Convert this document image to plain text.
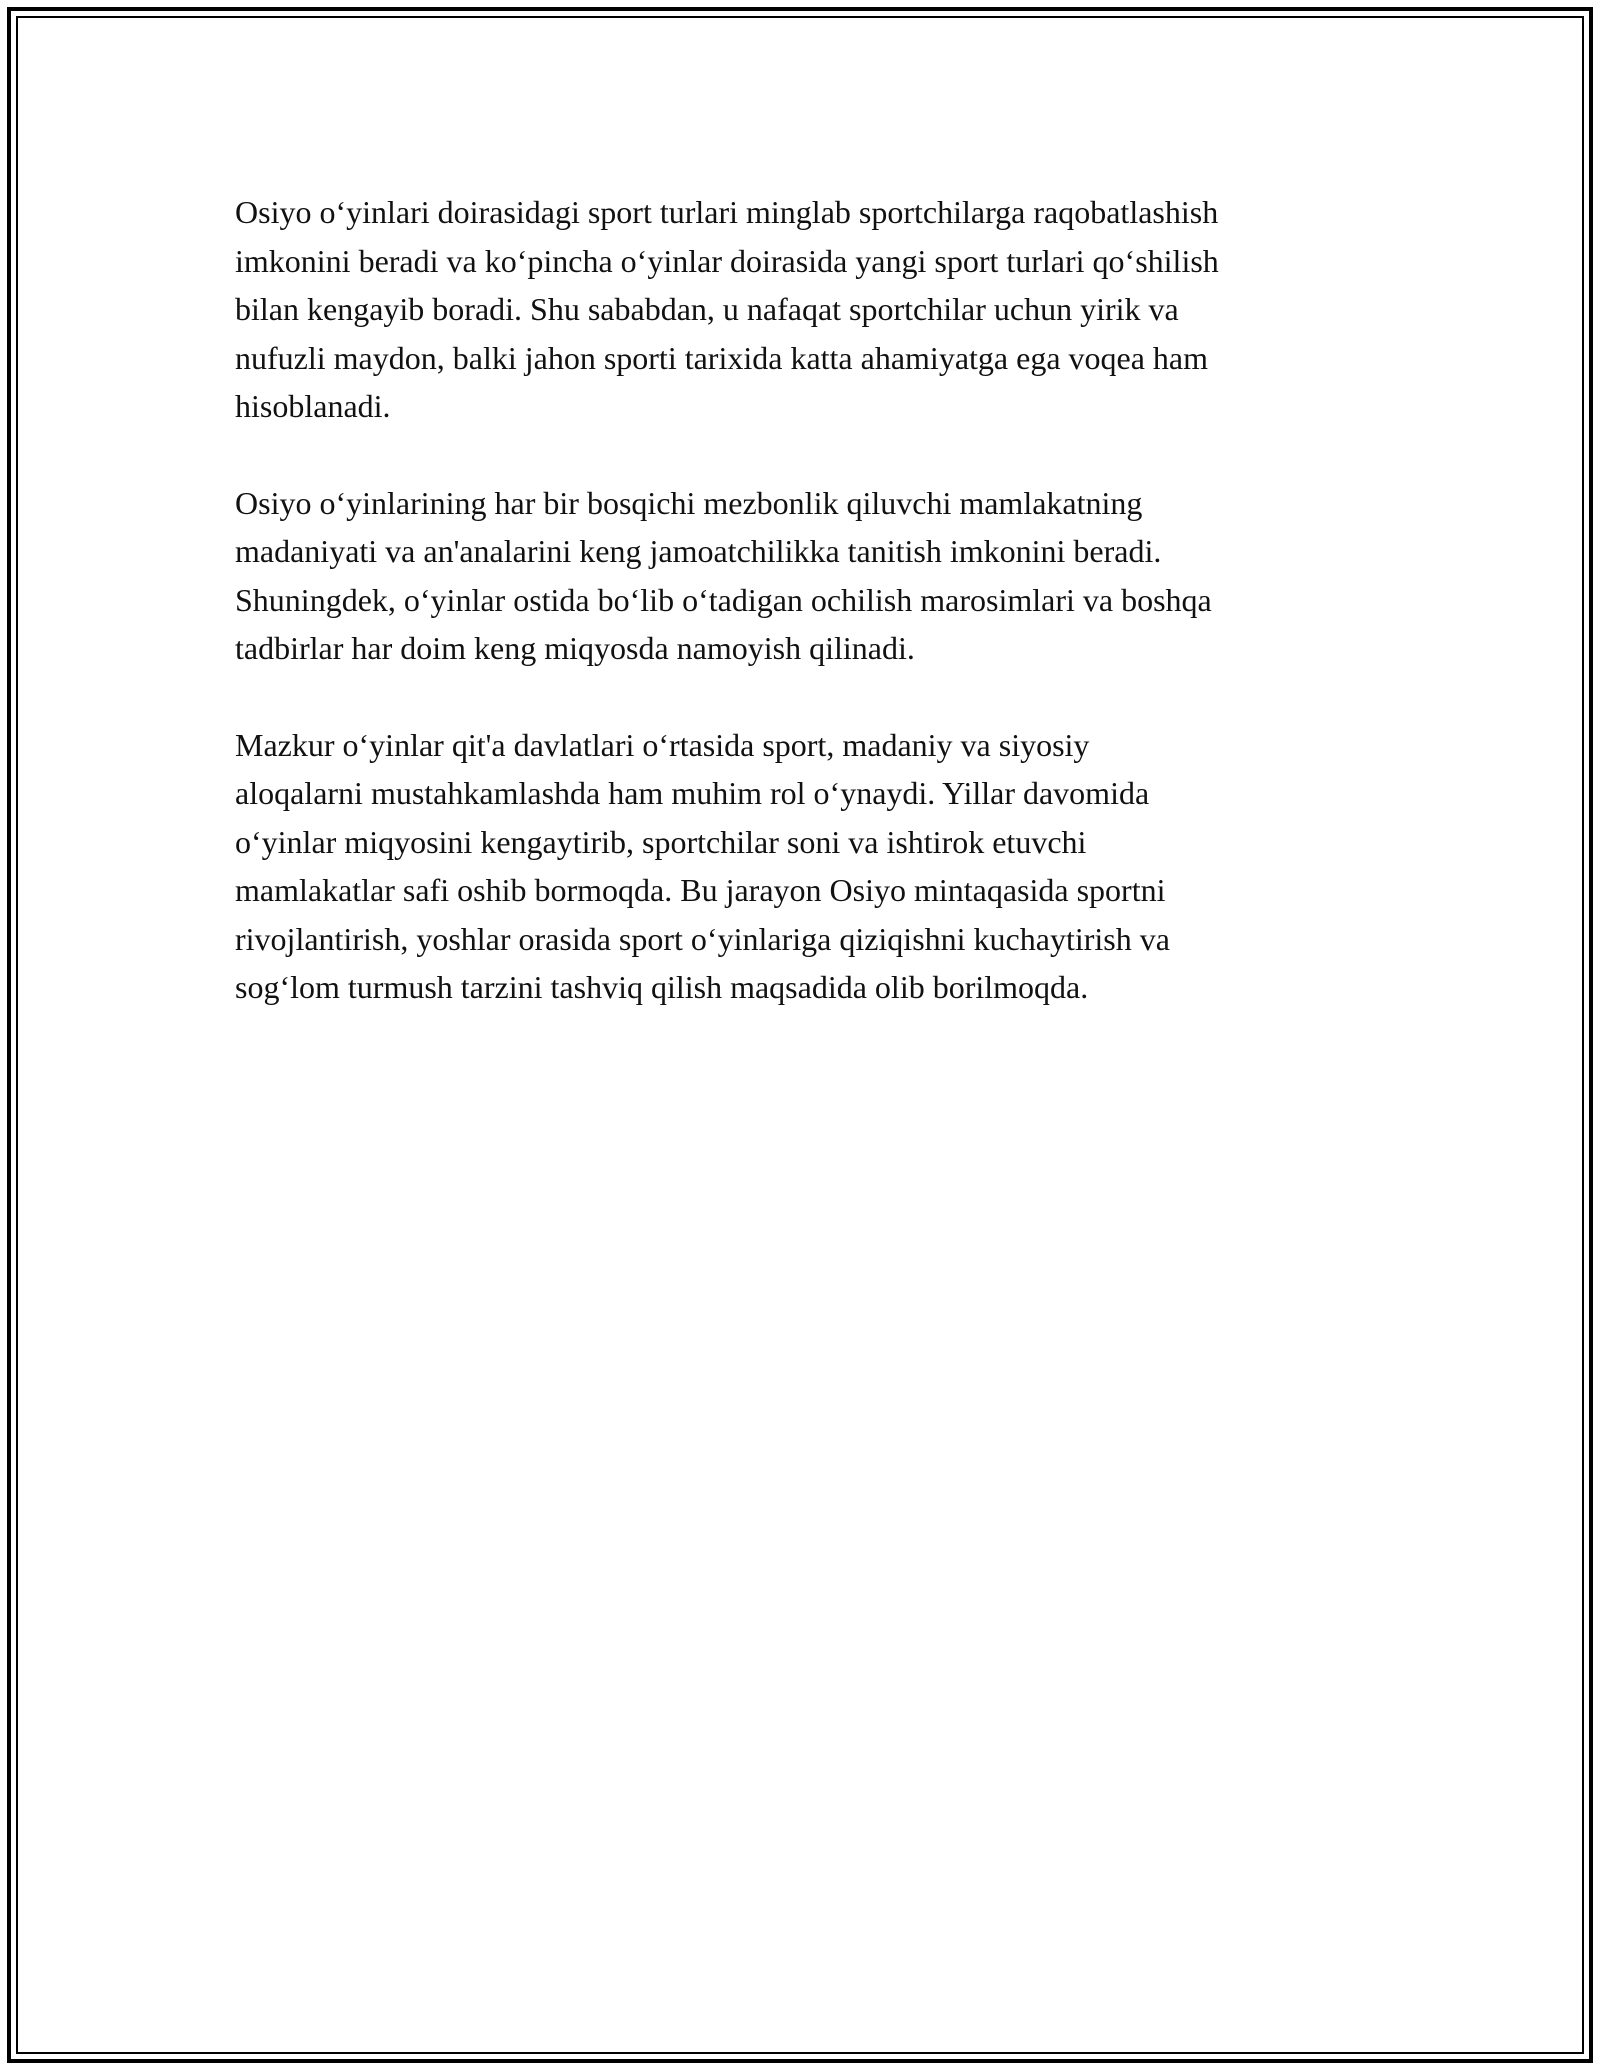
Osiyo o‘yinlari doirasidagi sport turlari minglab sportchilarga raqobatlashish
imkonini beradi va ko‘pincha o‘yinlar doirasida yangi sport turlari qo‘shilish
bilan kengayib boradi. Shu sababdan, u nafaqat sportchilar uchun yirik va
nufuzli maydon, balki jahon sporti tarixida katta ahamiyatga ega voqea ham
hisoblanadi.

Osiyo o‘yinlarining har bir bosqichi mezbonlik qiluvchi mamlakatning
madaniyati va an'analarini keng jamoatchilikka tanitish imkonini beradi.
Shuningdek, o‘yinlar ostida bo‘lib o‘tadigan ochilish marosimlari va boshqa
tadbirlar har doim keng miqyosda namoyish qilinadi.

Mazkur o‘yinlar qit'a davlatlari o‘rtasida sport, madaniy va siyosiy
aloqalarni mustahkamlashda ham muhim rol o‘ynaydi. Yillar davomida
o‘yinlar miqyosini kengaytirib, sportchilar soni va ishtirok etuvchi
mamlakatlar safi oshib bormoqda. Bu jarayon Osiyo mintaqasida sportni
rivojlantirish, yoshlar orasida sport o‘yinlariga qiziqishni kuchaytirish va
sog‘lom turmush tarzini tashviq qilish maqsadida olib borilmoqda.
